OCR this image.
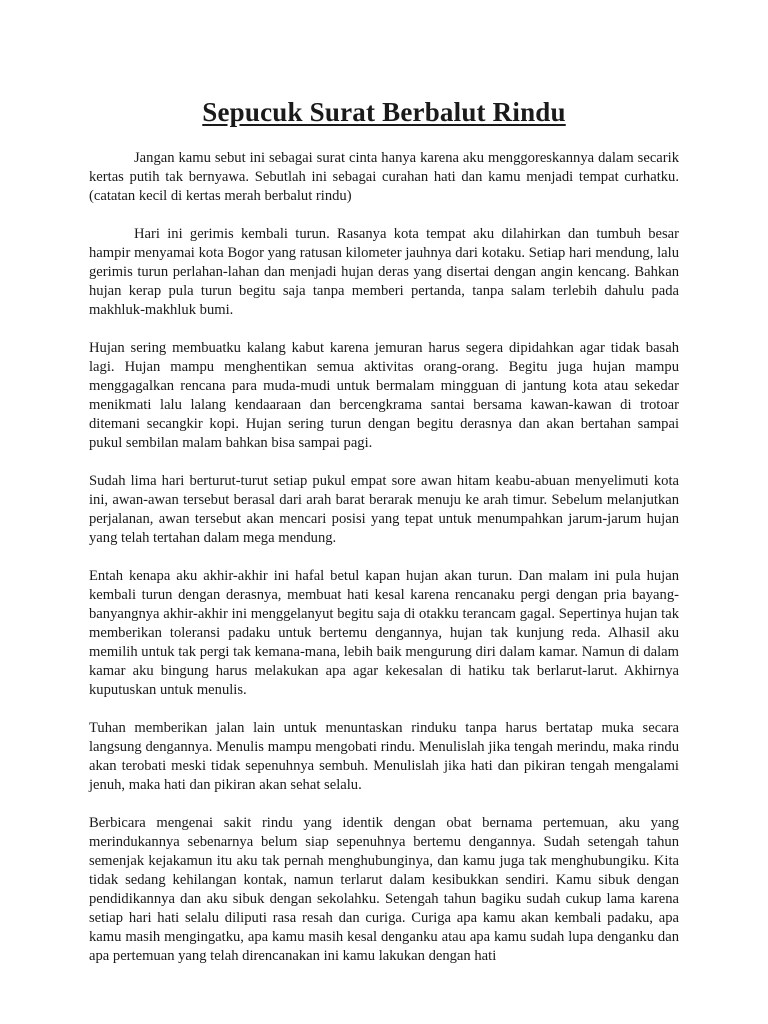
Sepucuk Surat Berbalut Rindu

Jangan kamu sebut ini sebagai surat cinta hanya karena aku menggoreskannya dalam secarik kertas putih tak bernyawa. Sebutlah ini sebagai curahan hati dan kamu menjadi tempat curhatku. (catatan kecil di kertas merah berbalut rindu)

Hari ini gerimis kembali turun. Rasanya kota tempat aku dilahirkan dan tumbuh besar hampir menyamai kota Bogor yang ratusan kilometer jauhnya dari kotaku. Setiap hari mendung, lalu gerimis turun perlahan-lahan dan menjadi hujan deras yang disertai dengan angin kencang. Bahkan hujan kerap pula turun begitu saja tanpa memberi pertanda, tanpa salam terlebih dahulu pada makhluk-makhluk bumi.

Hujan sering membuatku kalang kabut karena jemuran harus segera dipidahkan agar tidak basah lagi. Hujan mampu menghentikan semua aktivitas orang-orang. Begitu juga hujan mampu menggagalkan rencana para muda-mudi untuk bermalam mingguan di jantung kota atau sekedar menikmati lalu lalang kendaaraan dan bercengkrama santai bersama kawan-kawan di trotoar ditemani secangkir kopi. Hujan sering turun dengan begitu derasnya dan akan bertahan sampai pukul sembilan malam bahkan bisa sampai pagi.

Sudah lima hari berturut-turut setiap pukul empat sore awan hitam keabu-abuan menyelimuti kota ini, awan-awan tersebut berasal dari arah barat berarak menuju ke arah timur. Sebelum melanjutkan perjalanan, awan tersebut akan mencari posisi yang tepat untuk menumpahkan jarum-jarum hujan yang telah tertahan dalam mega mendung.

Entah kenapa aku akhir-akhir ini hafal betul kapan hujan akan turun. Dan malam ini pula hujan kembali turun dengan derasnya, membuat hati kesal karena rencanaku pergi dengan pria bayang-banyangnya akhir-akhir ini menggelanyut begitu saja di otakku terancam gagal. Sepertinya hujan tak memberikan toleransi padaku untuk bertemu dengannya, hujan tak kunjung reda. Alhasil aku memilih untuk tak pergi tak kemana-mana, lebih baik mengurung diri dalam kamar. Namun di dalam kamar aku bingung harus melakukan apa agar kekesalan di hatiku tak berlarut-larut. Akhirnya kuputuskan untuk menulis.

Tuhan memberikan jalan lain untuk menuntaskan rinduku tanpa harus bertatap muka secara langsung dengannya. Menulis mampu mengobati rindu. Menulislah jika tengah merindu, maka rindu akan terobati meski tidak sepenuhnya sembuh. Menulislah jika hati dan pikiran tengah mengalami jenuh, maka hati dan pikiran akan sehat selalu.

Berbicara mengenai sakit rindu yang identik dengan obat bernama pertemuan, aku yang merindukannya sebenarnya belum siap sepenuhnya bertemu dengannya. Sudah setengah tahun semenjak kejakamun itu aku tak pernah menghubunginya, dan kamu juga tak menghubungiku. Kita tidak sedang kehilangan kontak, namun terlarut dalam kesibukkan sendiri. Kamu sibuk dengan pendidikannya dan aku sibuk dengan sekolahku. Setengah tahun bagiku sudah cukup lama karena setiap hari hati selalu diliputi rasa resah dan curiga. Curiga apa kamu akan kembali padaku, apa kamu masih mengingatku, apa kamu masih kesal denganku atau apa kamu sudah lupa denganku dan apa pertemuan yang telah direncanakan ini kamu lakukan dengan hati
